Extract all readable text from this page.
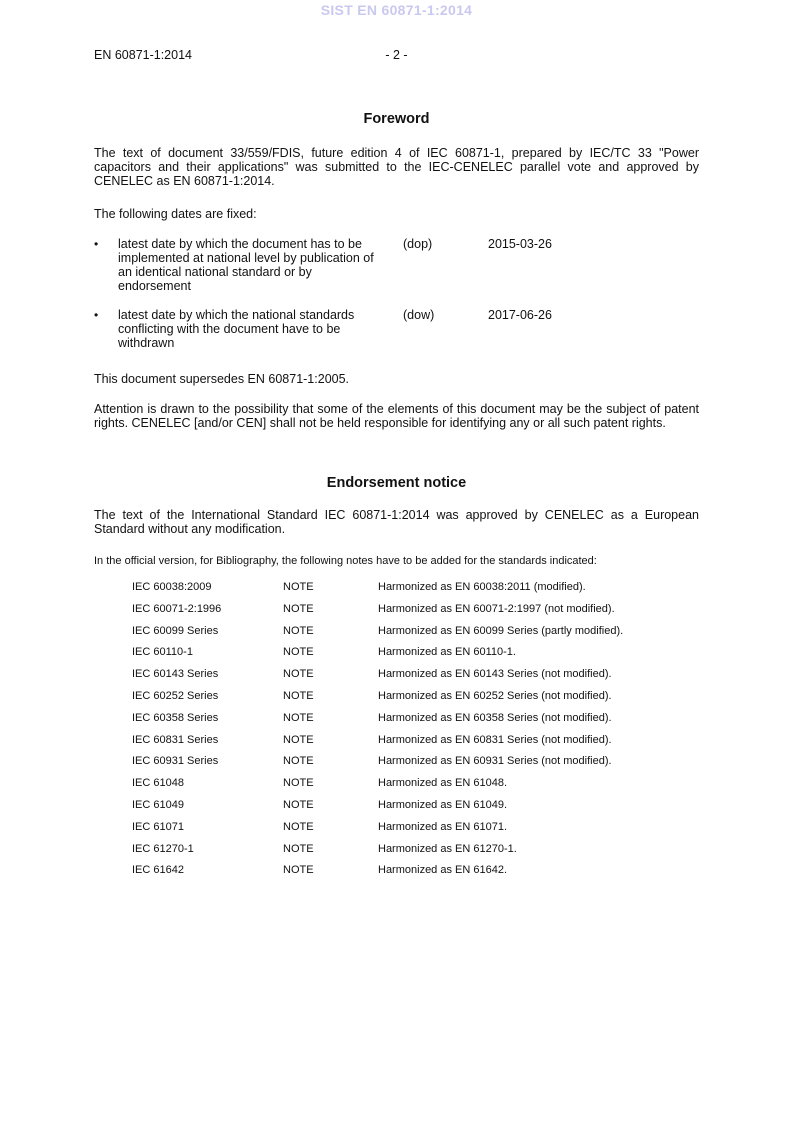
SIST EN 60871-1:2014
EN 60871-1:2014	- 2 -
Foreword

The text of document 33/559/FDIS, future edition 4 of IEC 60871-1, prepared by IEC/TC 33 "Power capacitors and their applications" was submitted to the IEC-CENELEC parallel vote and approved by CENELEC as EN 60871-1:2014.

The following dates are fixed:

• latest date by which the document has to be implemented at national level by publication of an identical national standard or by endorsement
(dop)	2015-03-26
• latest date by which the national standards conflicting with the document have to be withdrawn
(dow)	2017-06-26

This document supersedes EN 60871-1:2005.

Attention is drawn to the possibility that some of the elements of this document may be the subject of patent rights. CENELEC [and/or CEN] shall not be held responsible for identifying any or all such patent rights.

Endorsement notice

The text of the International Standard IEC 60871-1:2014 was approved by CENELEC as a European Standard without any modification.

In the official version, for Bibliography, the following notes have to be added for the standards indicated:

IEC 60038:2009	NOTE	Harmonized as EN 60038:2011 (modified).
IEC 60071-2:1996	NOTE	Harmonized as EN 60071-2:1997 (not modified).
IEC 60099 Series	NOTE	Harmonized as EN 60099 Series (partly modified).
IEC 60110-1	NOTE	Harmonized as EN 60110-1.
IEC 60143 Series	NOTE	Harmonized as EN 60143 Series (not modified).
IEC 60252 Series	NOTE	Harmonized as EN 60252 Series (not modified).
IEC 60358 Series	NOTE	Harmonized as EN 60358 Series (not modified).
IEC 60831 Series	NOTE	Harmonized as EN 60831 Series (not modified).
IEC 60931 Series	NOTE	Harmonized as EN 60931 Series (not modified).
IEC 61048	NOTE	Harmonized as EN 61048.
IEC 61049	NOTE	Harmonized as EN 61049.
IEC 61071	NOTE	Harmonized as EN 61071.
IEC 61270-1	NOTE	Harmonized as EN 61270-1.
IEC 61642	NOTE	Harmonized as EN 61642.
